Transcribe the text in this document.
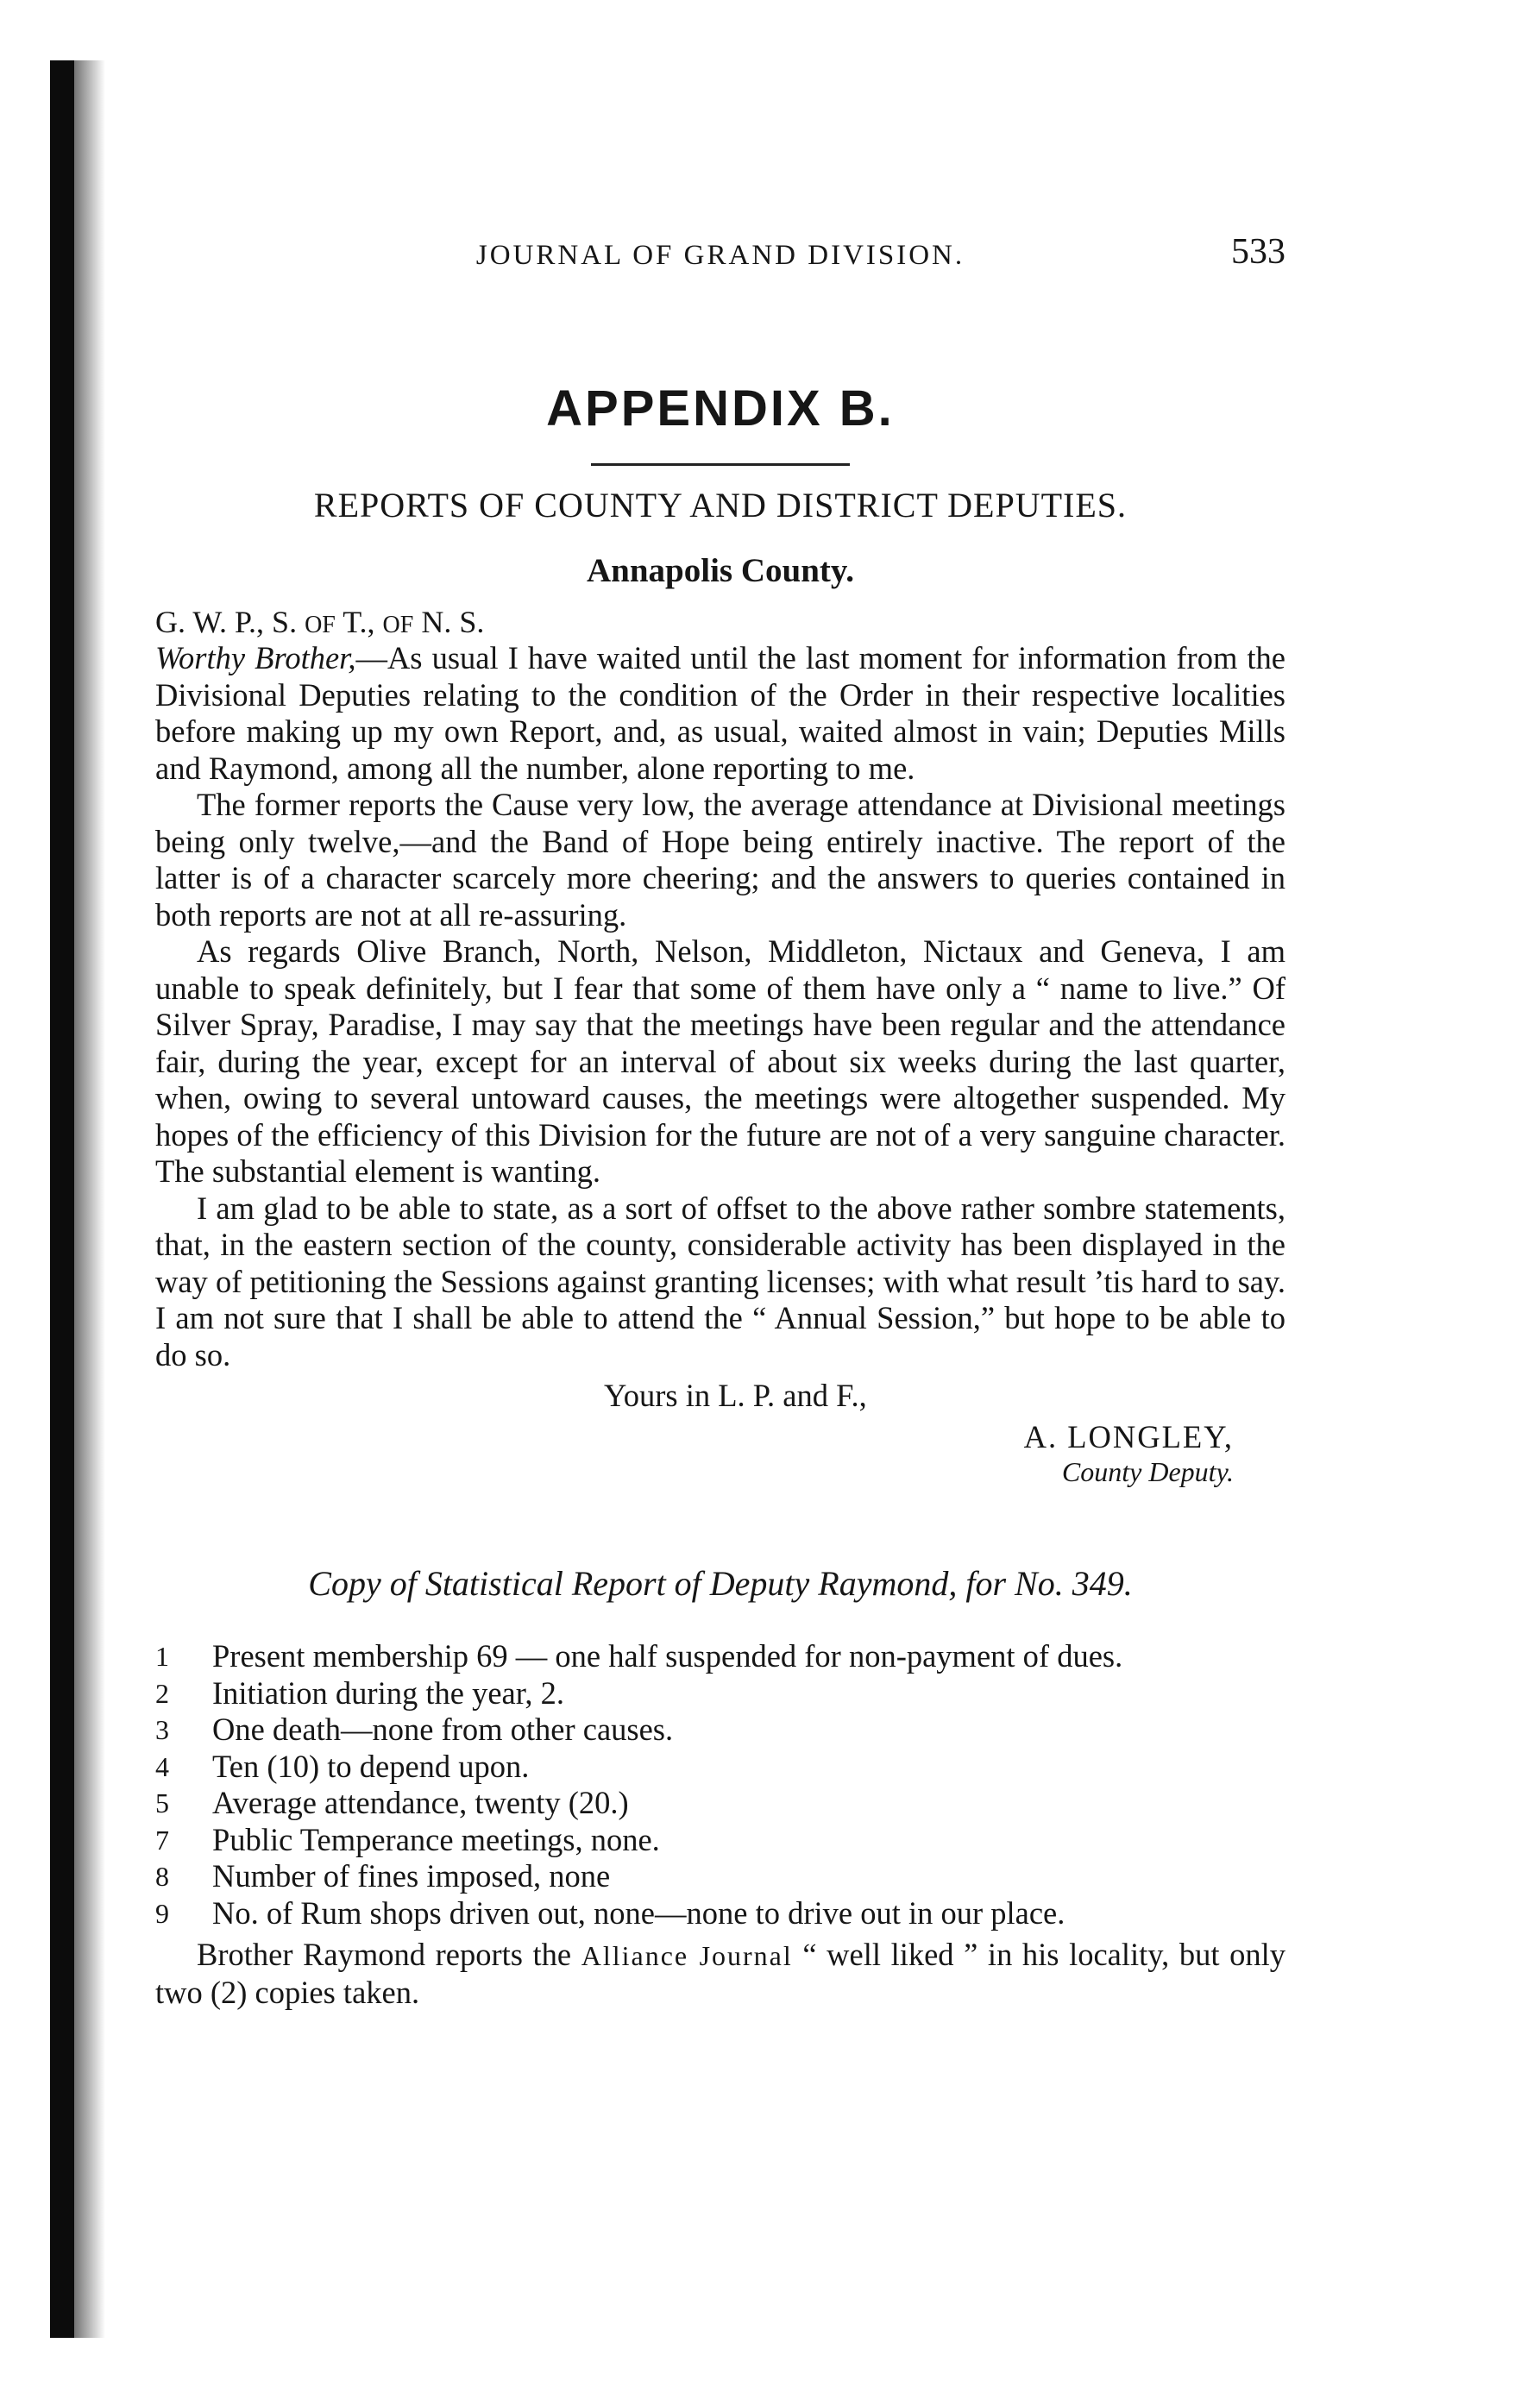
JOURNAL OF GRAND DIVISION.	533
APPENDIX B.
REPORTS OF COUNTY AND DISTRICT DEPUTIES.
Annapolis County.
G. W. P., S. OF T., OF N. S.

Worthy Brother,—As usual I have waited until the last moment for information from the Divisional Deputies relating to the condition of the Order in their respective localities before making up my own Report, and, as usual, waited almost in vain; Deputies Mills and Raymond, among all the number, alone reporting to me.

The former reports the Cause very low, the average attendance at Divisional meetings being only twelve,—and the Band of Hope being entirely inactive. The report of the latter is of a character scarcely more cheering; and the answers to queries contained in both reports are not at all re-assuring.

As regards Olive Branch, North, Nelson, Middleton, Nictaux and Geneva, I am unable to speak definitely, but I fear that some of them have only a “ name to live.” Of Silver Spray, Paradise, I may say that the meetings have been regular and the attendance fair, during the year, except for an interval of about six weeks during the last quarter, when, owing to several untoward causes, the meetings were altogether suspended. My hopes of the efficiency of this Division for the future are not of a very sanguine character. The substantial element is wanting.

I am glad to be able to state, as a sort of offset to the above rather sombre statements, that, in the eastern section of the county, considerable activity has been displayed in the way of petitioning the Sessions against granting licenses; with what result ’tis hard to say. I am not sure that I shall be able to attend the “ Annual Session,” but hope to be able to do so.

Yours in L. P. and F.,
A. LONGLEY,
County Deputy.
Copy of Statistical Report of Deputy Raymond, for No. 349.
1	Present membership 69 — one half suspended for non-payment of dues.
2	Initiation during the year, 2.
3	One death—none from other causes.
4	Ten (10) to depend upon.
5	Average attendance, twenty (20.)
7	Public Temperance meetings, none.
8	Number of fines imposed, none
9	No. of Rum shops driven out, none—none to drive out in our place.

Brother Raymond reports the Alliance Journal “ well liked ” in his locality, but only two (2) copies taken.
